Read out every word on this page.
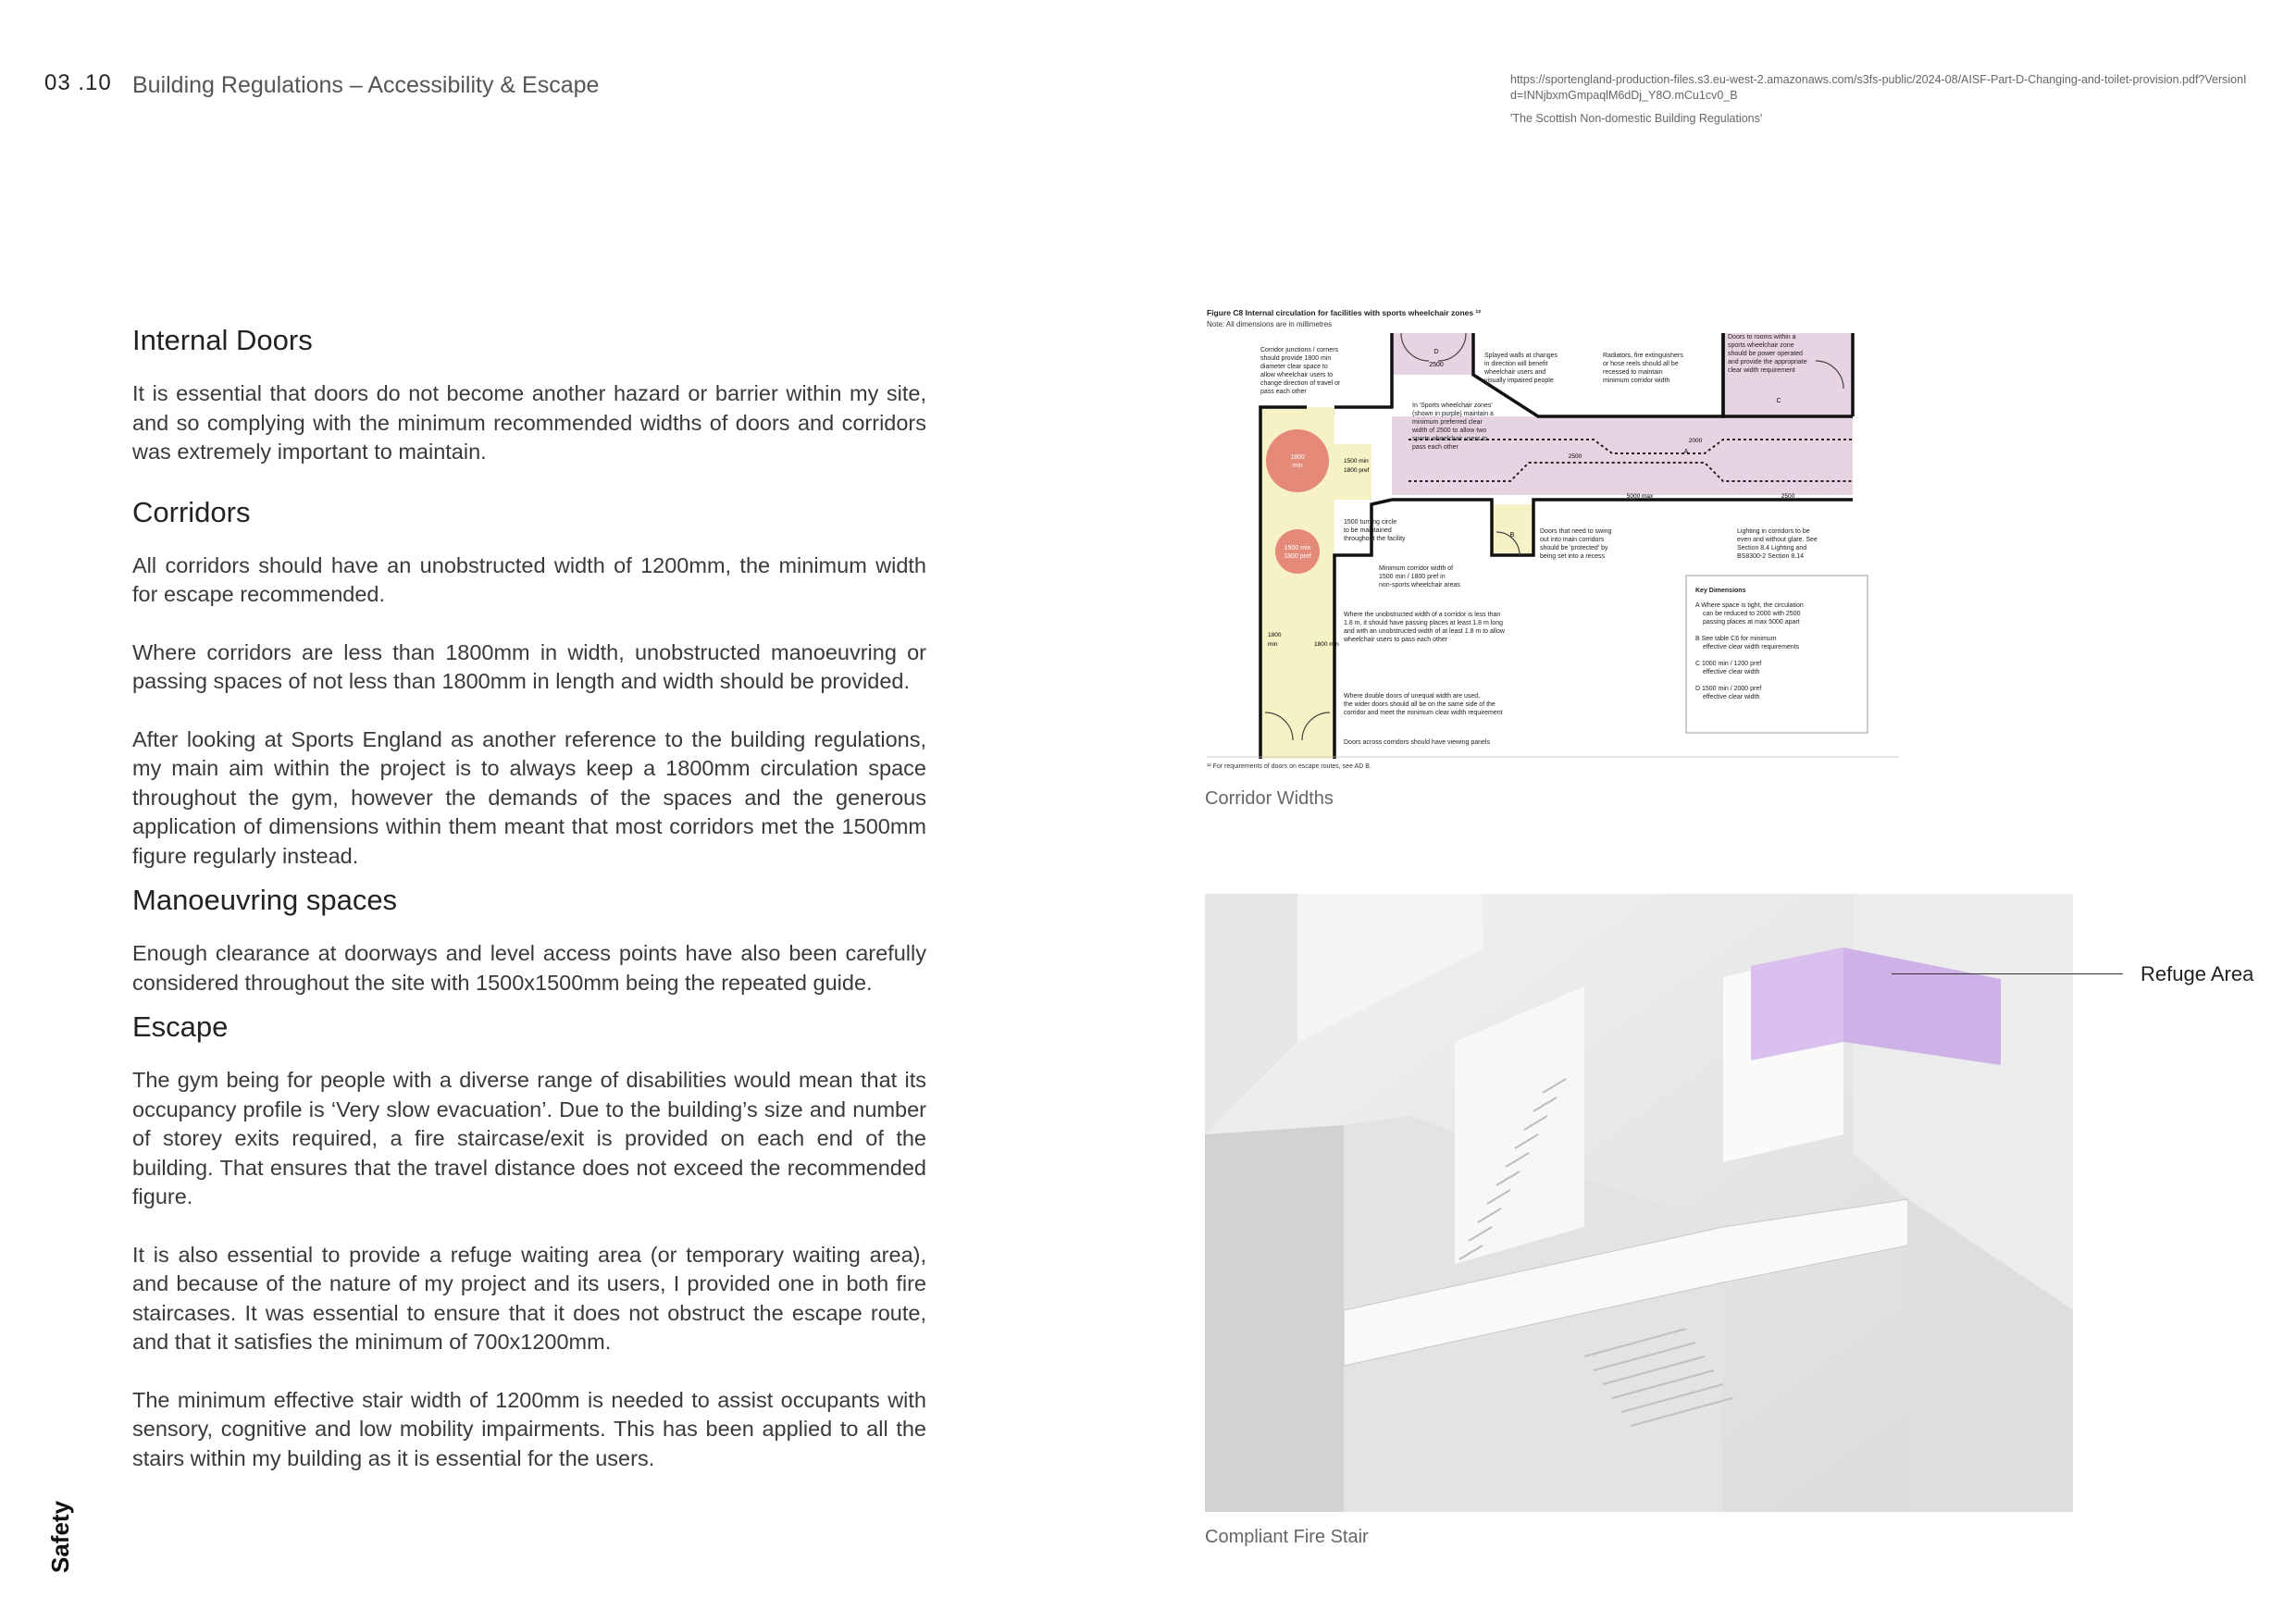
03 .10 Building Regulations – Accessibility & Escape	https://sportengland-production-files.s3.eu-west-2.amazonaws.com/s3fs-public/2024-08/AISF-Part-D-Changing-and-toilet-provision.pdf?VersionId=INNjbxmGmpaqlM6dDj_Y8O.mCu1cv0_B
'The Scottish Non-domestic Building Regulations'
Safety
Internal Doors

It is essential that doors do not become another hazard or barrier within my site, and so complying with the minimum recommended widths of doors and corridors was extremely important to maintain.

Corridors

All corridors should have an unobstructed width of 1200mm, the minimum width for escape recommended.

Where corridors are less than 1800mm in width, unobstructed manoeuvring or passing spaces of not less than 1800mm in length and width should be provided.

After looking at Sports England as another reference to the building regulations, my main aim within the project is to always keep a 1800mm circulation space throughout the gym, however the demands of the spaces and the generous application of dimensions within them meant that most corridors met the 1500mm figure regularly instead.

Manoeuvring spaces

Enough clearance at doorways and level access points have also been carefully considered throughout the site with 1500x1500mm being the repeated guide.

Escape

The gym being for people with a diverse range of disabilities would mean that its occupancy profile is ‘Very slow evacuation’. Due to the building’s size and number of storey exits required, a fire staircase/exit is provided on each end of the building. That ensures that the travel distance does not exceed the recommended figure.

It is also essential to provide a refuge waiting area (or temporary waiting area), and because of the nature of my project and its users, I provided one in both fire staircases. It was essential to ensure that it does not obstruct the escape route, and that it satisfies the minimum of 700x1200mm.

The minimum effective stair width of 1200mm is needed to assist occupants with sensory, cognitive and low mobility impairments. This has been applied to all the stairs within my building as it is essential for the users.

Figure C8 Internal circulation for facilities with sports wheelchair zones ¹²
Note: All dimensions are in millimetres
1800
min
1500 min
1800 pref
D
2500
B
C
A
2000
2500
5000 max	2500
1500 min
1800 pref
1800
min	1800 min
Corridor junctions / corners
should provide 1800 min
diameter clear space to
allow wheelchair users to
change direction of travel or
pass each other
Splayed walls at changes
in direction will benefit
wheelchair users and
visually impaired people
Radiators, fire extinguishers
or hose reels should all be
recessed to maintain
minimum corridor width
Doors to rooms within a
sports wheelchair zone
should be power operated
and provide the appropriate
clear width requirement
In 'Sports wheelchair zones'
(shown in purple) maintain a
minimum preferred clear
width of 2500 to allow two
sports wheelchair users to
pass each other
1500 turning circle
to be maintained
throughout the facility
Minimum corridor width of
1500 min / 1800 pref in
non-sports wheelchair areas
Doors that need to swing
out into main corridors
should be 'protected' by
being set into a recess
Lighting in corridors to be
even and without glare. See
Section 8.4 Lighting and
BS8300-2 Section 8.14
Where the unobstructed width of a corridor is less than
1.8 m, it should have passing places at least 1.8 m long
and with an unobstructed width of at least 1.8 m to allow
wheelchair users to pass each other
Where double doors of unequal width are used,
the wider doors should all be on the same side of the
corridor and meet the minimum clear width requirement
Doors across corridors should have viewing panels
Key Dimensions
A Where space is tight, the circulation
can be reduced to 2000 with 2500
passing places at max 5000 apart
B See table C6 for minimum
effective clear width requirements
C 1000 min / 1200 pref
effective clear width
D 1500 min / 2000 pref
effective clear width
¹² For requirements of doors on escape routes, see AD B.
Corridor Widths
Refuge Area
Compliant Fire Stair
